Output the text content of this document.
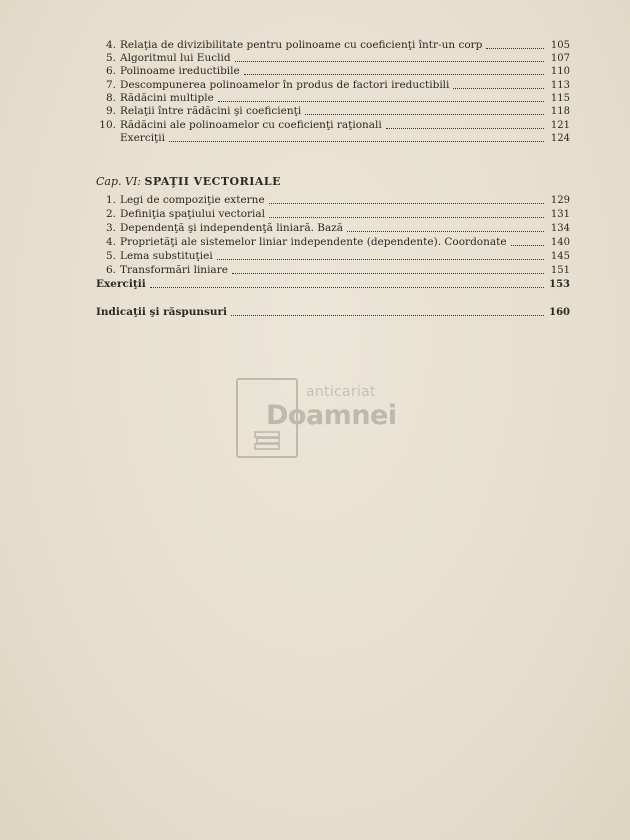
4. Relaţia de divizibilitate pentru polinoame cu coeficienţi într-un corp	105
5. Algoritmul lui Euclid	107
6. Polinoame ireductibile	110
7. Descompunerea polinoamelor în produs de factori ireductibili	113
8. Rădăcini multiple	115
9. Relaţii între rădăcini şi coeficienţi	118
10. Rădăcini ale polinoamelor cu coeficienţi raţionali	121
Exerciţii	124
Cap. VI: SPAŢII VECTORIALE
1. Legi de compoziţie externe	129
2. Definiţia spaţiului vectorial	131
3. Dependenţă şi independenţă liniară. Bază	134
4. Proprietăţi ale sistemelor liniar independente (dependente). Coordonate	140
5. Lema substituţiei	145
6. Transformări liniare	151
Exerciţii	153
Indicaţii şi răspunsuri	160
anticariat
Doamnei
